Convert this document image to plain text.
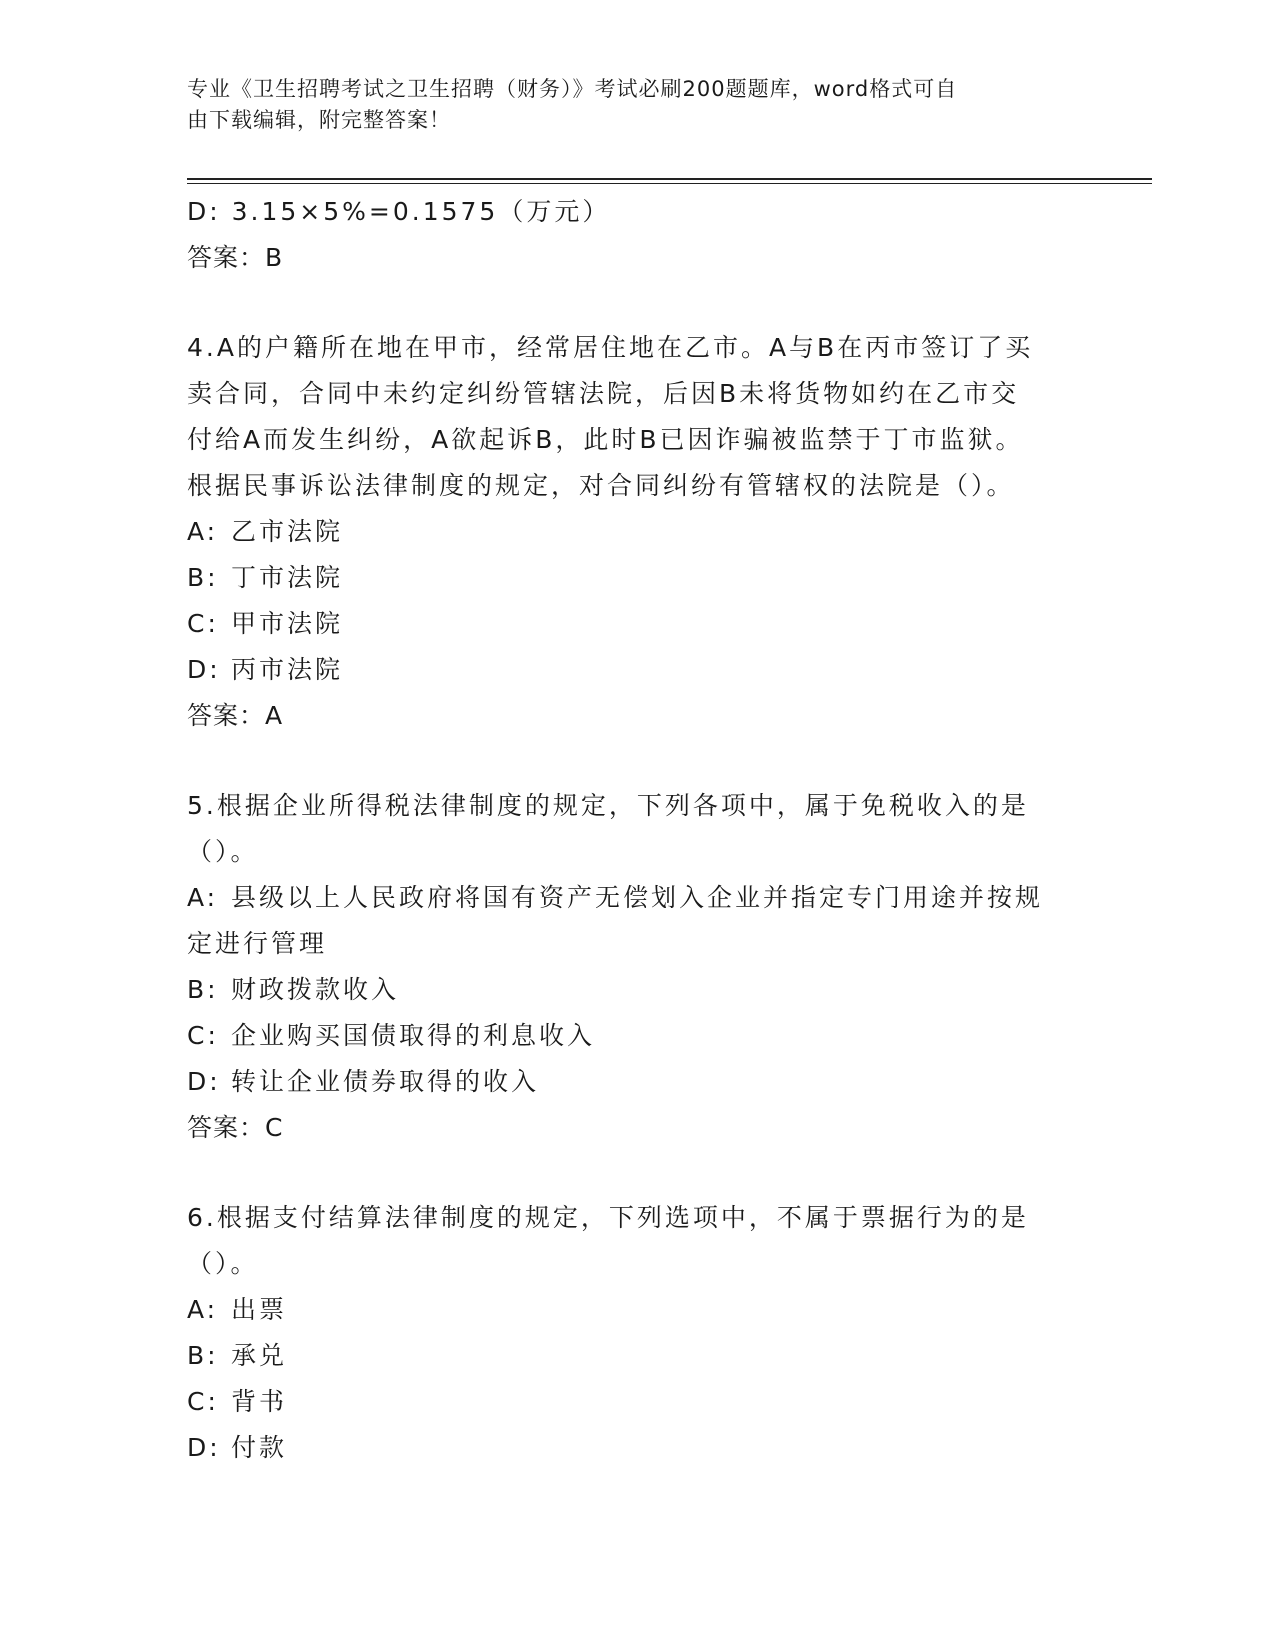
专业《卫生招聘考试之卫生招聘（财务）》考试必刷200题题库，word格式可自
由下载编辑，附完整答案！
D: 3.15×5%=0.1575（万元）
答案：B
4.A的户籍所在地在甲市，经常居住地在乙市。A与B在丙市签订了买
卖合同，合同中未约定纠纷管辖法院，后因B未将货物如约在乙市交
付给A而发生纠纷，A欲起诉B，此时B已因诈骗被监禁于丁市监狱。
根据民事诉讼法律制度的规定，对合同纠纷有管辖权的法院是（）。
A: 乙市法院
B: 丁市法院
C: 甲市法院
D: 丙市法院
答案：A
5.根据企业所得税法律制度的规定，下列各项中，属于免税收入的是
（）。
A: 县级以上人民政府将国有资产无偿划入企业并指定专门用途并按规
定进行管理
B: 财政拨款收入
C: 企业购买国债取得的利息收入
D: 转让企业债券取得的收入
答案：C
6.根据支付结算法律制度的规定，下列选项中，不属于票据行为的是
（）。
A: 出票
B: 承兑
C: 背书
D: 付款
